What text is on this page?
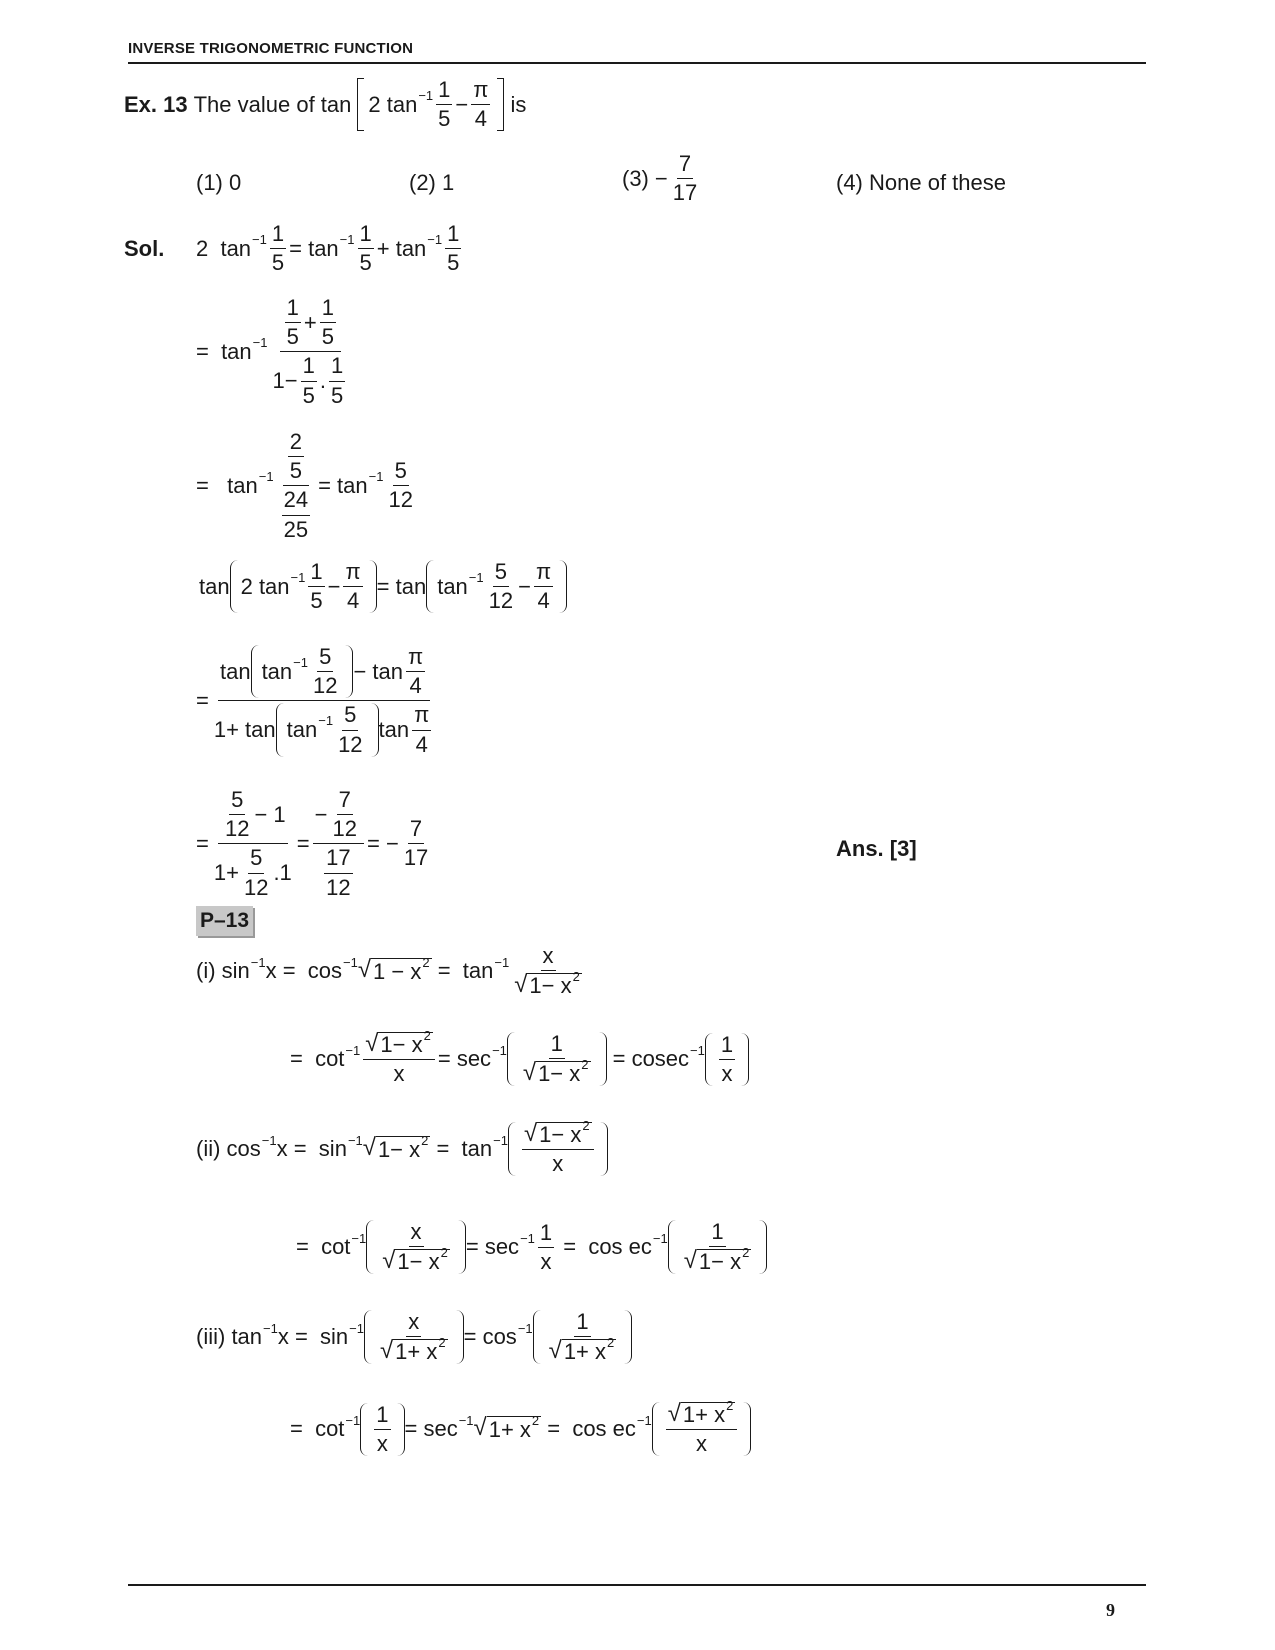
INVERSE TRIGONOMETRIC FUNCTION
Ex. 13 The value of tan 2 $\tan^{-1} \frac{1}{5} - \frac{\pi}{4}$ is
(1) 0	(2) 1	$(3) - \frac{7}{17}$	(4) None of these
Sol. 2  $\tan^{-1} \frac{1}{5} = \tan^{-1} \frac{1}{5} + \tan^{-1} \frac{1}{5}$
=  $\tan^{-1} \frac{\frac{1}{5} + \frac{1}{5}}{1- \frac{1}{5} . \frac{1}{5}}$
=   $\tan^{-1} \frac{\frac{2}{5}}{\frac{24}{25}} = \tan^{-1} \frac{5}{12}$
tan 2 $\tan^{-1} \frac{1}{5} - \frac{\pi}{4} = \tan \tan^{-1} \frac{5}{12} - \frac{\pi}{4}$
= $\frac{\tan \tan^{-1} \frac{5}{12} - \tan \frac{\pi}{4}}{1+ \tan \tan^{-1} \frac{5}{12} \tan \frac{\pi}{4}}$
= $\frac{\frac{5}{12} - 1}{1+ \frac{5}{12} .1} = \frac{- \frac{7}{12}}{\frac{17}{12}}$ = − $\frac{7}{17}$	Ans. [3]
P–13
(i) $\sin^{-1} x = \cos^{-1}$ √ $1 - x^2 = \tan^{-1} \frac{x}{√ 1- x^2}$
=  $\cot^{-1} \frac{√ 1- x^2}{x} = \sec^{-1} \frac{1}{√ 1- x^2} = cosec^{-1} \frac{1}{x}$
(ii) $\cos^{-1} x = \sin^{-1}$ √ $1- x^2 = \tan^{-1} \frac{√ 1- x^2}{x}$
=  $\cot^{-1} \frac{x}{√ 1- x^2} = \sec^{-1} \frac{1}{x} = \cos ec^{-1} \frac{1}{√ 1- x^2}$
(iii) $\tan^{-1} x = \sin^{-1} \frac{x}{√ 1+ x^2} = \cos^{-1} \frac{1}{√ 1+ x^2}$
=  $\cot^{-1} \frac{1}{x} = \sec^{-1}$ √ $1+ x^2 = \cos ec^{-1} \frac{√ 1+ x^2}{x}$
9
